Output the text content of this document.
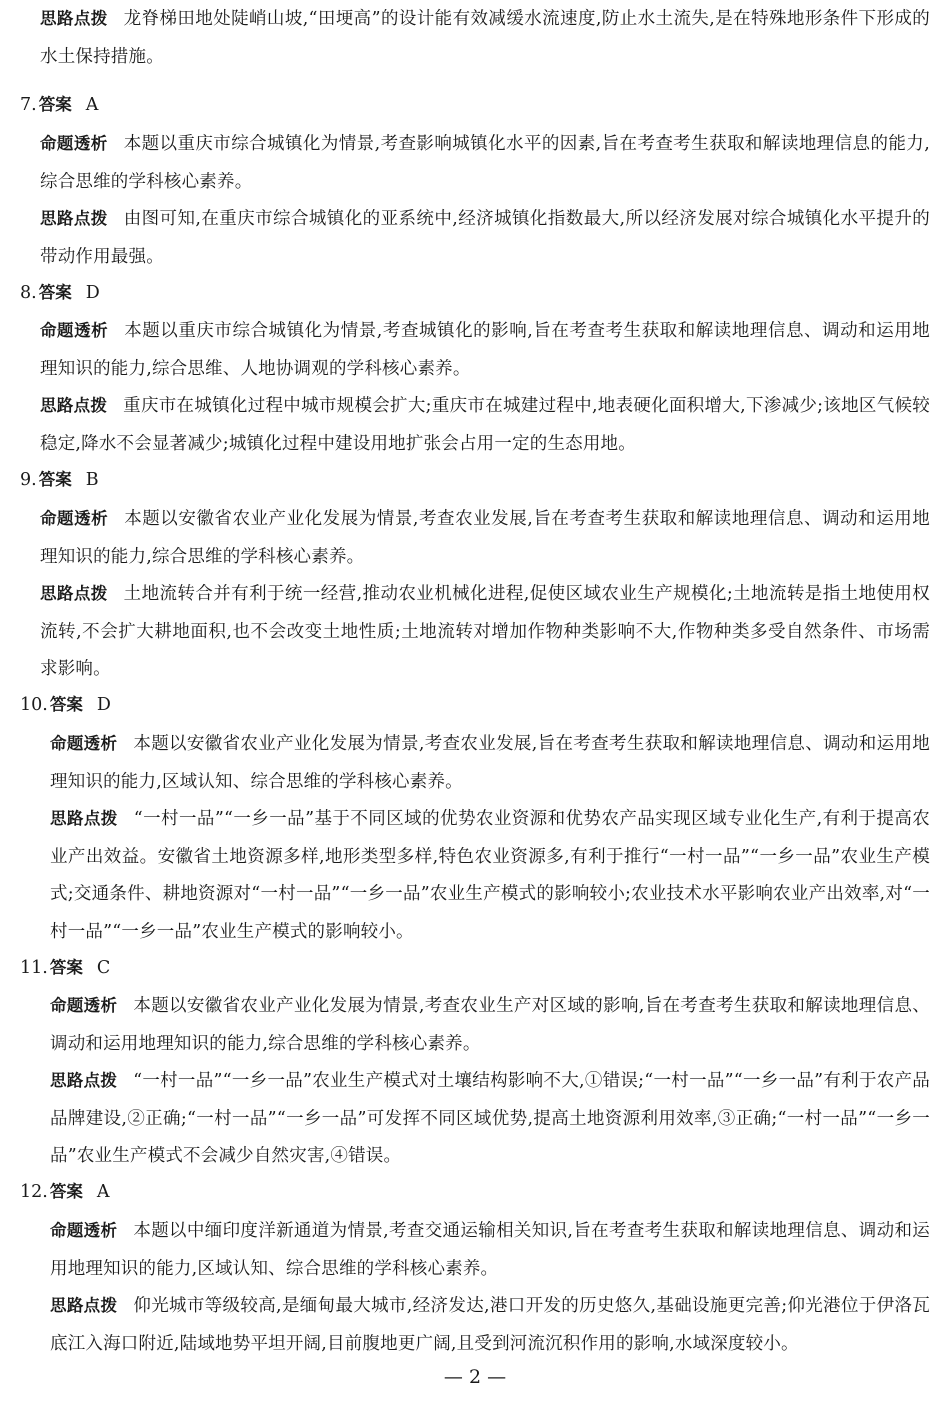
思路点拨 龙脊梯田地处陡峭山坡,“田埂高”的设计能有效减缓水流速度,防止水土流失,是在特殊地形条件下形成的水土保持措施。
7. 答案 A
命题透析 本题以重庆市综合城镇化为情景,考查影响城镇化水平的因素,旨在考查考生获取和解读地理信息的能力,综合思维的学科核心素养。
思路点拨 由图可知,在重庆市综合城镇化的亚系统中,经济城镇化指数最大,所以经济发展对综合城镇化水平提升的带动作用最强。
8. 答案 D
命题透析 本题以重庆市综合城镇化为情景,考查城镇化的影响,旨在考查考生获取和解读地理信息、调动和运用地理知识的能力,综合思维、人地协调观的学科核心素养。
思路点拨 重庆市在城镇化过程中城市规模会扩大;重庆市在城建过程中,地表硬化面积增大,下渗减少;该地区气候较稳定,降水不会显著减少;城镇化过程中建设用地扩张会占用一定的生态用地。
9. 答案 B
命题透析 本题以安徽省农业产业化发展为情景,考查农业发展,旨在考查考生获取和解读地理信息、调动和运用地理知识的能力,综合思维的学科核心素养。
思路点拨 土地流转合并有利于统一经营,推动农业机械化进程,促使区域农业生产规模化;土地流转是指土地使用权流转,不会扩大耕地面积,也不会改变土地性质;土地流转对增加作物种类影响不大,作物种类多受自然条件、市场需求影响。
10. 答案 D
命题透析 本题以安徽省农业产业化发展为情景,考查农业发展,旨在考查考生获取和解读地理信息、调动和运用地理知识的能力,区域认知、综合思维的学科核心素养。
思路点拨 “一村一品”“一乡一品”基于不同区域的优势农业资源和优势农产品实现区域专业化生产,有利于提高农业产出效益。安徽省土地资源多样,地形类型多样,特色农业资源多,有利于推行“一村一品”“一乡一品”农业生产模式;交通条件、耕地资源对“一村一品”“一乡一品”农业生产模式的影响较小;农业技术水平影响农业产出效率,对“一村一品”“一乡一品”农业生产模式的影响较小。
11. 答案 C
命题透析 本题以安徽省农业产业化发展为情景,考查农业生产对区域的影响,旨在考查考生获取和解读地理信息、调动和运用地理知识的能力,综合思维的学科核心素养。
思路点拨 “一村一品”“一乡一品”农业生产模式对土壤结构影响不大,①错误;“一村一品”“一乡一品”有利于农产品品牌建设,②正确;“一村一品”“一乡一品”可发挥不同区域优势,提高土地资源利用效率,③正确;“一村一品”“一乡一品”农业生产模式不会减少自然灾害,④错误。
12. 答案 A
命题透析 本题以中缅印度洋新通道为情景,考查交通运输相关知识,旨在考查考生获取和解读地理信息、调动和运用地理知识的能力,区域认知、综合思维的学科核心素养。
思路点拨 仰光城市等级较高,是缅甸最大城市,经济发达,港口开发的历史悠久,基础设施更完善;仰光港位于伊洛瓦底江入海口附近,陆域地势平坦开阔,目前腹地更广阔,且受到河流沉积作用的影响,水域深度较小。
— 2 —
